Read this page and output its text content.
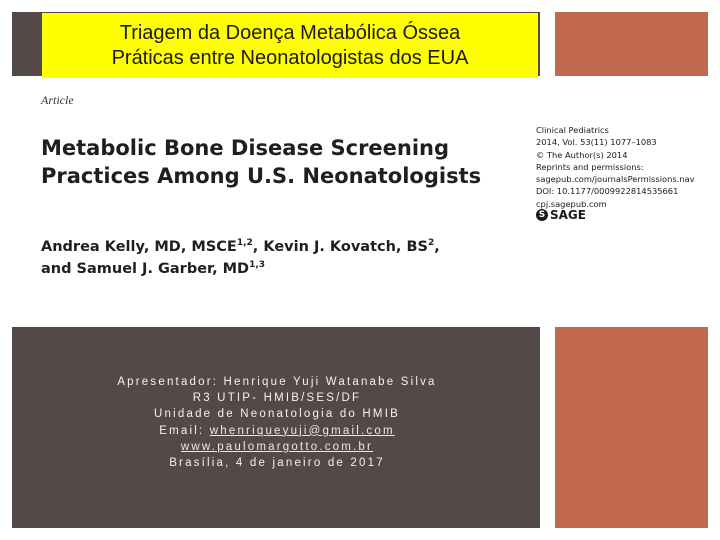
Triagem da Doença Metabólica Óssea
Práticas entre Neonatologistas dos EUA
Article
Metabolic Bone Disease Screening
Practices Among U.S. Neonatologists
Andrea Kelly, MD, MSCE$^{1,2}$, Kevin J. Kovatch, $BS^2$,
and Samuel J. Garber, MD$^{1,3}$
Clinical Pediatrics
2014, Vol. 53(11) 1077–1083
© The Author(s) 2014
Reprints and permissions:
sagepub.com/journalsPermissions.nav
DOI: 10.1177/0009922814535661
cpj.sagepub.com
S SAGE
Apresentador: Henrique Yuji Watanabe Silva
R3 UTIP- HMIB/SES/DF
Unidade de Neonatologia do HMIB
Email: whenriqueyuji@gmail.com
www.paulomargotto.com.br
Brasília, 4 de janeiro de 2017
